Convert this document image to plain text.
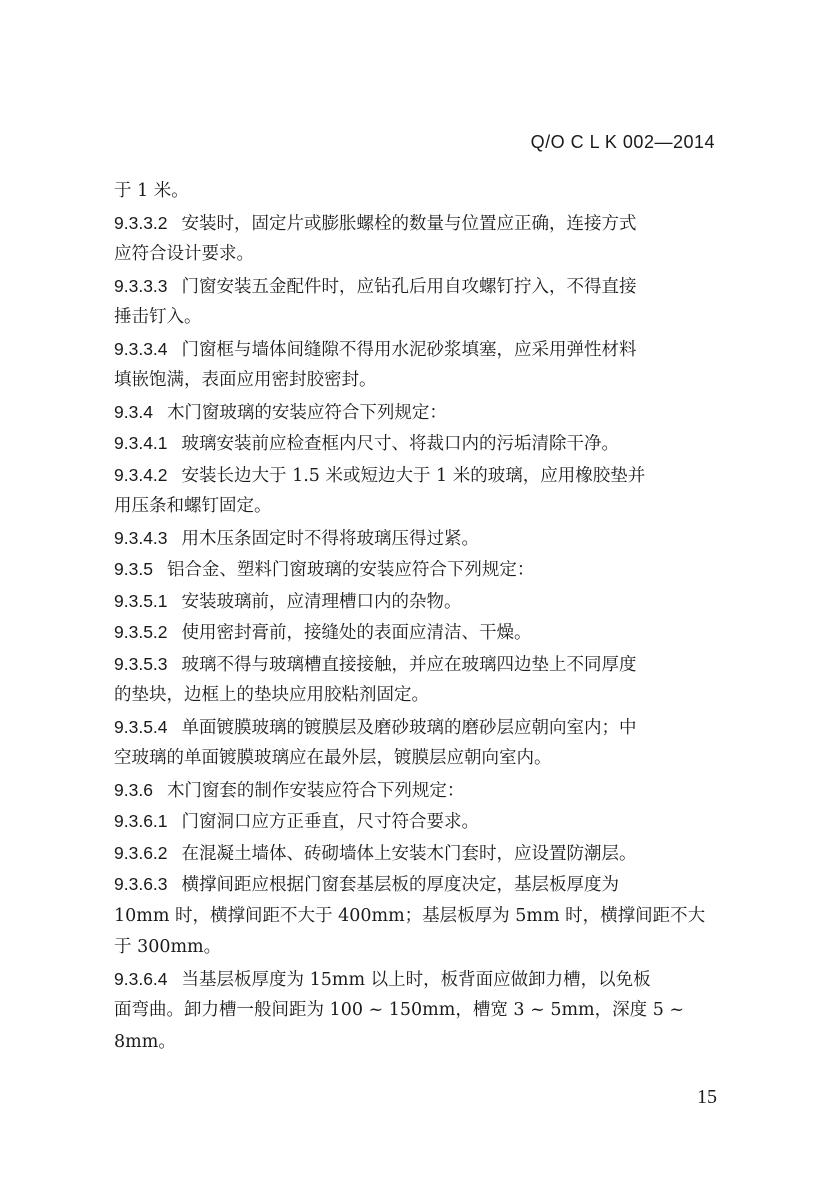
Q/O C L K 002—2014
于 1 米。
9.3.3.2 安装时，固定片或膨胀螺栓的数量与位置应正确，连接方式
应符合设计要求。
9.3.3.3 门窗安装五金配件时，应钻孔后用自攻螺钉拧入，不得直接
捶击钉入。
9.3.3.4 门窗框与墙体间缝隙不得用水泥砂浆填塞，应采用弹性材料
填嵌饱满，表面应用密封胶密封。
9.3.4 木门窗玻璃的安装应符合下列规定：
9.3.4.1 玻璃安装前应检查框内尺寸、将裁口内的污垢清除干净。
9.3.4.2 安装长边大于 1.5 米或短边大于 1 米的玻璃，应用橡胶垫并
用压条和螺钉固定。
9.3.4.3 用木压条固定时不得将玻璃压得过紧。
9.3.5 铝合金、塑料门窗玻璃的安装应符合下列规定：
9.3.5.1 安装玻璃前，应清理槽口内的杂物。
9.3.5.2 使用密封膏前，接缝处的表面应清洁、干燥。
9.3.5.3 玻璃不得与玻璃槽直接接触，并应在玻璃四边垫上不同厚度
的垫块，边框上的垫块应用胶粘剂固定。
9.3.5.4 单面镀膜玻璃的镀膜层及磨砂玻璃的磨砂层应朝向室内；中
空玻璃的单面镀膜玻璃应在最外层，镀膜层应朝向室内。
9.3.6 木门窗套的制作安装应符合下列规定：
9.3.6.1 门窗洞口应方正垂直，尺寸符合要求。
9.3.6.2 在混凝土墙体、砖砌墙体上安装木门套时，应设置防潮层。
9.3.6.3 横撑间距应根据门窗套基层板的厚度决定，基层板厚度为
10mm 时，横撑间距不大于 400mm；基层板厚为 5mm 时，横撑间距不大
于 300mm。
9.3.6.4 当基层板厚度为 15mm 以上时，板背面应做卸力槽，以免板
面弯曲。卸力槽一般间距为 100 ~ 150mm，槽宽 3 ~ 5mm，深度 5 ~
8mm。
15
